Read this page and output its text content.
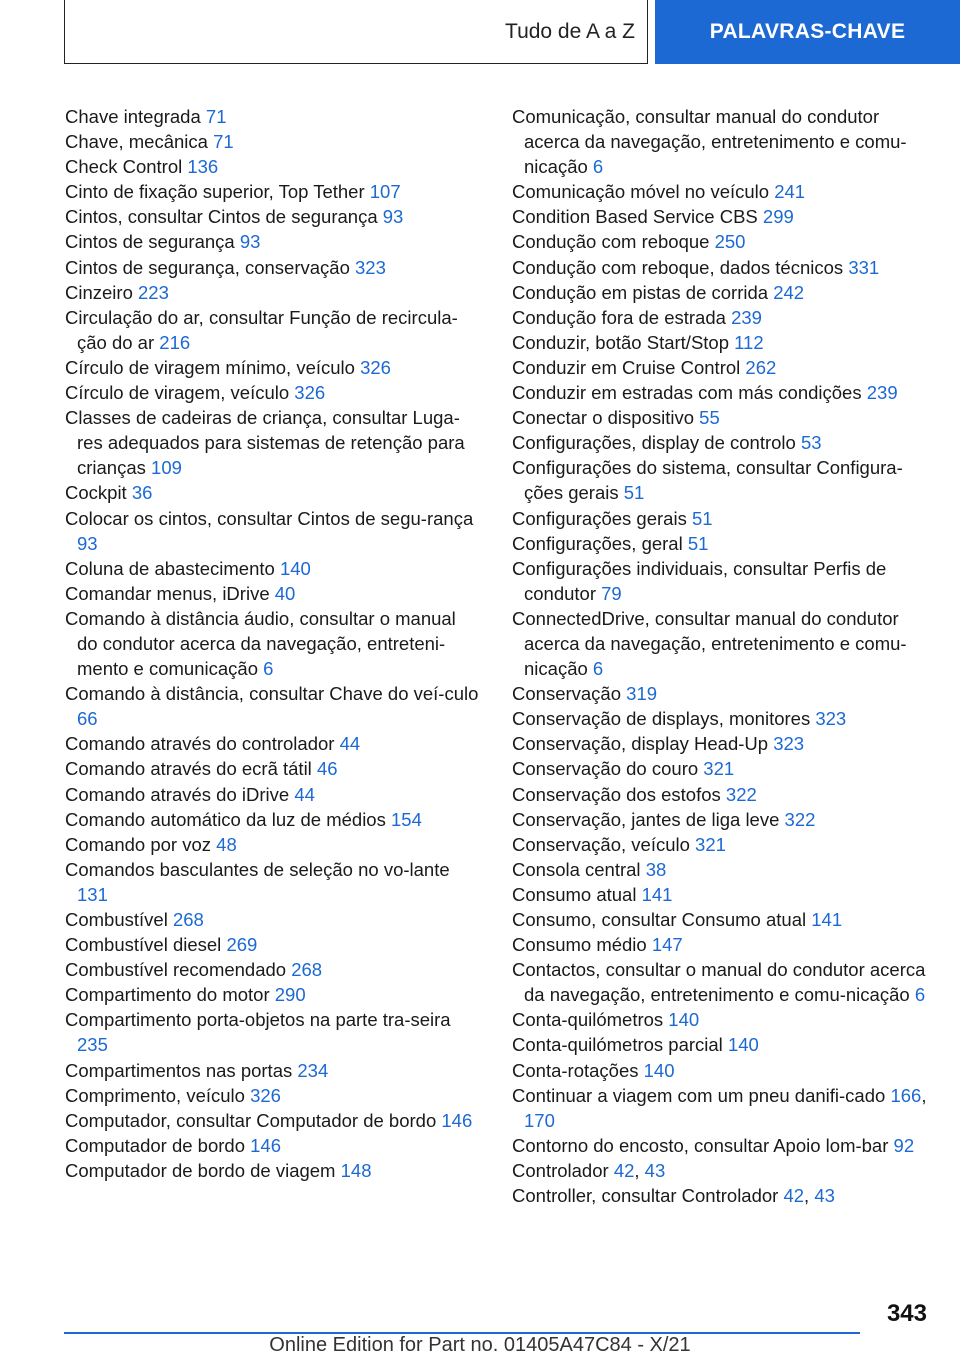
Tudo de A a Z	PALAVRAS-CHAVE
Chave integrada 71
Chave, mecânica 71
Check Control 136
Cinto de fixação superior, Top Tether 107
Cintos, consultar Cintos de segurança 93
Cintos de segurança 93
Cintos de segurança, conservação 323
Cinzeiro 223
Circulação do ar, consultar Função de recircula‐ção do ar 216
Círculo de viragem mínimo, veículo 326
Círculo de viragem, veículo 326
Classes de cadeiras de criança, consultar Luga‐res adequados para sistemas de retenção para crianças 109
Cockpit 36
Colocar os cintos, consultar Cintos de segu‐rança 93
Coluna de abastecimento 140
Comandar menus, iDrive 40
Comando à distância áudio, consultar o manual do condutor acerca da navegação, entreteni‐mento e comunicação 6
Comando à distância, consultar Chave do veí‐culo 66
Comando através do controlador 44
Comando através do ecrã tátil 46
Comando através do iDrive 44
Comando automático da luz de médios 154
Comando por voz 48
Comandos basculantes de seleção no vo‐lante 131
Combustível 268
Combustível diesel 269
Combustível recomendado 268
Compartimento do motor 290
Compartimento porta-objetos na parte tra‐seira 235
Compartimentos nas portas 234
Comprimento, veículo 326
Computador, consultar Computador de bordo 146
Computador de bordo 146
Computador de bordo de viagem 148
Comunicação, consultar manual do condutor acerca da navegação, entretenimento e comu‐nicação 6
Comunicação móvel no veículo 241
Condition Based Service CBS 299
Condução com reboque 250
Condução com reboque, dados técnicos 331
Condução em pistas de corrida 242
Condução fora de estrada 239
Conduzir, botão Start/Stop 112
Conduzir em Cruise Control 262
Conduzir em estradas com más condições 239
Conectar o dispositivo 55
Configurações, display de controlo 53
Configurações do sistema, consultar Configura‐ções gerais 51
Configurações gerais 51
Configurações, geral 51
Configurações individuais, consultar Perfis de condutor 79
ConnectedDrive, consultar manual do condutor acerca da navegação, entretenimento e comu‐nicação 6
Conservação 319
Conservação de displays, monitores 323
Conservação, display Head-Up 323
Conservação do couro 321
Conservação dos estofos 322
Conservação, jantes de liga leve 322
Conservação, veículo 321
Consola central 38
Consumo atual 141
Consumo, consultar Consumo atual 141
Consumo médio 147
Contactos, consultar o manual do condutor acerca da navegação, entretenimento e comu‐nicação 6
Conta-quilómetros 140
Conta-quilómetros parcial 140
Conta-rotações 140
Continuar a viagem com um pneu danifi‐cado 166, 170
Contorno do encosto, consultar Apoio lom‐bar 92
Controlador 42, 43
Controller, consultar Controlador 42, 43
343
Online Edition for Part no. 01405A47C84 - X/21
